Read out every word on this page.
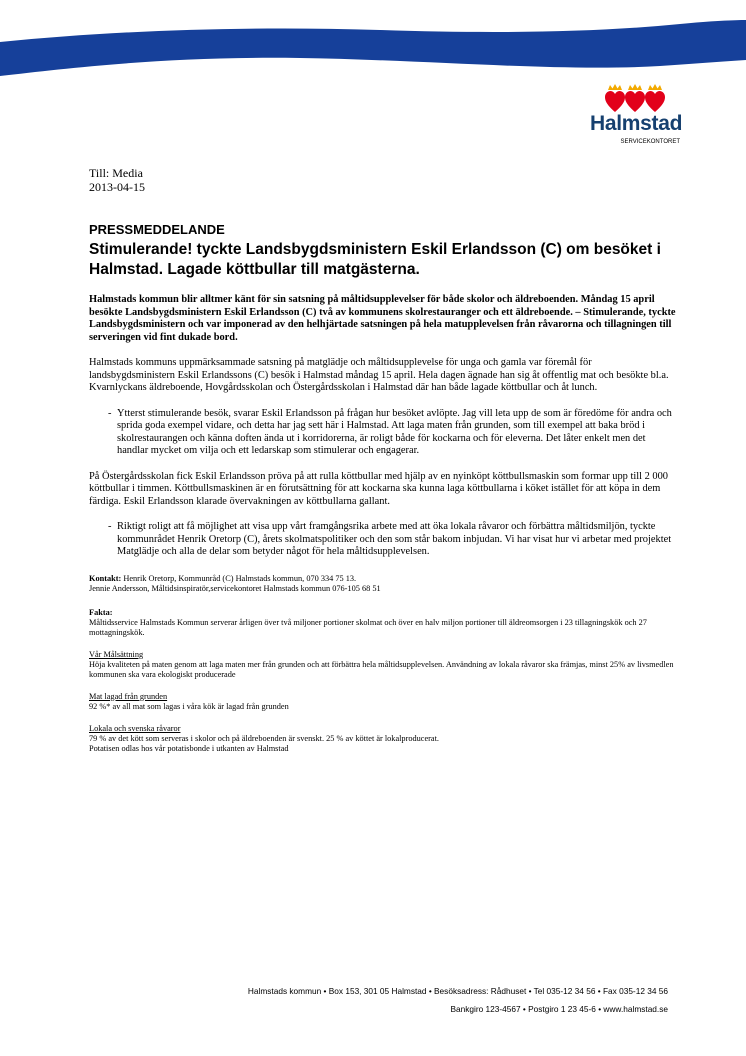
Halmstad
SERVICEKONTORET
Till: Media
2013-04-15
PRESSMEDDELANDE
Stimulerande! tyckte Landsbygdsministern Eskil Erlandsson (C) om besöket i Halmstad. Lagade köttbullar till matgästerna.

Halmstads kommun blir alltmer känt för sin satsning på måltidsupplevelser för både skolor och äldreboenden. Måndag 15 april besökte Landsbygdsministern Eskil Erlandsson (C) två av kommunens skolrestauranger och ett äldreboende. – Stimulerande, tyckte Landsbygdsministern och var imponerad av den helhjärtade satsningen på hela matupplevelsen från råvarorna och tillagningen till serveringen vid fint dukade bord.

Halmstads kommuns uppmärksammade satsning på matglädje och måltidsupplevelse för unga och gamla var föremål för landsbygdsministern Eskil Erlandssons (C) besök i Halmstad måndag 15 april. Hela dagen ägnade han sig åt offentlig mat och besökte bl.a. Kvarnlyckans äldreboende, Hovgårdsskolan och Östergårdsskolan i Halmstad där han både lagade köttbullar och åt lunch.

- Ytterst stimulerande besök, svarar Eskil Erlandsson på frågan hur besöket avlöpte. Jag vill leta upp de som är föredöme för andra och sprida goda exempel vidare, och detta har jag sett här i Halmstad. Att laga maten från grunden, som till exempel att baka bröd i skolrestaurangen och känna doften ända ut i korridorerna, är roligt både för kockarna och för eleverna. Det låter enkelt men det handlar mycket om vilja och ett ledarskap som stimulerar och engagerar.

På Östergårdsskolan fick Eskil Erlandsson pröva på att rulla köttbullar med hjälp av en nyinköpt köttbullsmaskin som formar upp till 2 000 köttbullar i timmen. Köttbullsmaskinen är en förutsättning för att kockarna ska kunna laga köttbullarna i köket istället för att köpa in dem färdiga. Eskil Erlandsson klarade övervakningen av köttbullarna gallant.

- Riktigt roligt att få möjlighet att visa upp vårt framgångsrika arbete med att öka lokala råvaror och förbättra måltidsmiljön, tyckte kommunrådet Henrik Oretorp (C), årets skolmatspolitiker och den som står bakom inbjudan. Vi har visat hur vi arbetar med projektet Matglädje och alla de delar som betyder något för hela måltidsupplevelsen.
Kontakt: Henrik Oretorp, Kommunråd (C) Halmstads kommun, 070 334 75 13.
Jennie Andersson, Måltidsinspiratör,servicekontoret Halmstads kommun 076-105 68 51
Fakta:
Måltidsservice Halmstads Kommun serverar årligen över två miljoner portioner skolmat och över en halv miljon portioner till äldreomsorgen i 23 tillagningskök och 27 mottagningskök.
Vår Målsättning
Höja kvaliteten på maten genom att laga maten mer från grunden och att förbättra hela måltidsupplevelsen. Användning av lokala råvaror ska främjas, minst 25% av livsmedlen kommunen ska vara ekologiskt producerade
Mat lagad från grunden
92 %* av all mat som lagas i våra kök är lagad från grunden
Lokala och svenska råvaror
79 % av det kött som serveras i skolor och på äldreboenden är svenskt. 25 % av köttet är lokalproducerat.
Potatisen odlas hos vår potatisbonde i utkanten av Halmstad
Halmstads kommun • Box 153, 301 05 Halmstad • Besöksadress: Rådhuset • Tel 035-12 34 56 • Fax 035-12 34 56
Bankgiro 123-4567 • Postgiro 1 23 45-6 • www.halmstad.se
